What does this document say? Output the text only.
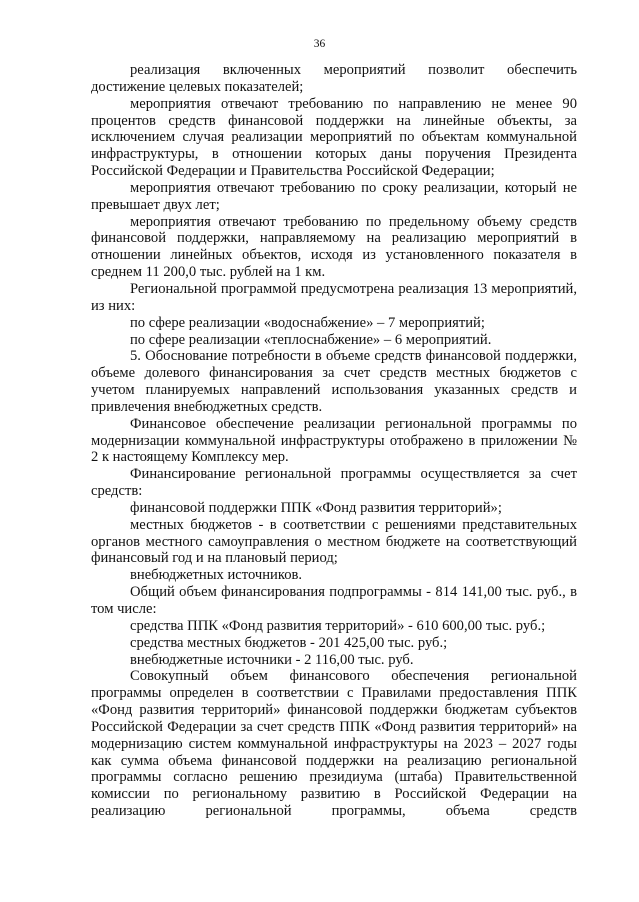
36

реализация включенных мероприятий позволит обеспечить достижение целевых показателей;

мероприятия отвечают требованию по направлению не менее 90 процентов средств финансовой поддержки на линейные объекты, за исключением случая реализации мероприятий по объектам коммунальной инфраструктуры, в отношении которых даны поручения Президента Российской Федерации и Правительства Российской Федерации;

мероприятия отвечают требованию по сроку реализации, который не превышает двух лет;

мероприятия отвечают требованию по предельному объему средств финансовой поддержки, направляемому на реализацию мероприятий в отношении линейных объектов, исходя из установленного показателя в среднем 11 200,0 тыс. рублей на 1 км.

Региональной программой предусмотрена реализация 13 мероприятий, из них:

по сфере реализации «водоснабжение» – 7 мероприятий;

по сфере реализации «теплоснабжение» – 6 мероприятий.

5. Обоснование потребности в объеме средств финансовой поддержки, объеме долевого финансирования за счет средств местных бюджетов с учетом планируемых направлений использования указанных средств и привлечения внебюджетных средств.

Финансовое обеспечение реализации региональной программы по модернизации коммунальной инфраструктуры отображено в приложении № 2 к настоящему Комплексу мер.

Финансирование региональной программы осуществляется за счет средств:

финансовой поддержки ППК «Фонд развития территорий»;

местных бюджетов - в соответствии с решениями представительных органов местного самоуправления о местном бюджете на соответствующий финансовый год и на плановый период;

внебюджетных источников.

Общий объем финансирования подпрограммы - 814 141,00 тыс. руб., в том числе:

средства ППК «Фонд развития территорий» - 610 600,00 тыс. руб.;

средства местных бюджетов - 201 425,00 тыс. руб.;

внебюджетные источники - 2 116,00 тыс. руб.

Совокупный объем финансового обеспечения региональной программы определен в соответствии с Правилами предоставления ППК «Фонд развития территорий» финансовой поддержки бюджетам субъектов Российской Федерации за счет средств ППК «Фонд развития территорий» на модернизацию систем коммунальной инфраструктуры на 2023 – 2027 годы как сумма объема финансовой поддержки на реализацию региональной программы согласно решению президиума (штаба) Правительственной комиссии по региональному развитию в Российской Федерации на реализацию региональной программы, объема средств
